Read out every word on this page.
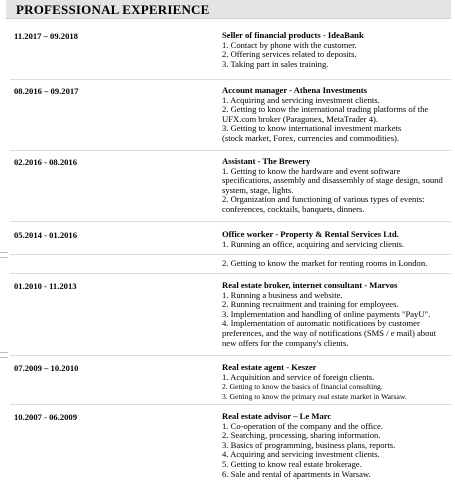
PROFESSIONAL EXPERIENCE
11.2017 – 09.2018	Seller of financial products - IdeaBank
1. Contact by phone with the customer.
2. Offering services related to deposits.
3. Taking part in sales training.
08.2016 – 09.2017	Account manager - Athena Investments
1. Acquiring and servicing investment clients.
2. Getting to know the international trading platforms of the
UFX.com broker (Paragonex, MetaTrader 4).
3. Getting to know international investment markets
(stock market, Forex, currencies and commodities).
02.2016 - 08.2016	Assistant - The Brewery
1. Getting to know the hardware and event software
specifications, assembly and disassembly of stage design, sound
system, stage, lights.
2. Organization and functioning of various types of events:
conferences, cocktails, banquets, dinners.
05.2014 - 01.2016	Office worker - Property & Rental Services Ltd.
1. Running an office, acquiring and servicing clients.
2. Getting to know the market for renting rooms in London.
01.2010 - 11.2013	Real estate broker, internet consultant - Marvos
1. Running a business and website.
2. Running recruitment and training for employees.
3. Implementation and handling of online payments "PayU".
4. Implementation of automatic notifications by customer
preferences, and the way of notifications (SMS / e mail) about
new offers for the company's clients.
07.2009 – 10.2010	Real estate agent - Keszer
1. Acquisition and service of foreign clients.
2. Getting to know the basics of financial consulting.
3. Getting to know the primary real estate market in Warsaw.
10.2007 - 06.2009	Real estate advisor – Le Marc
1. Co-operation of the company and the office.
2. Searching, processing, sharing information.
3. Basics of programming, business plans, reports.
4. Acquiring and servicing investment clients.
5. Getting to know real estate brokerage.
6. Sale and rental of apartments in Warsaw.
